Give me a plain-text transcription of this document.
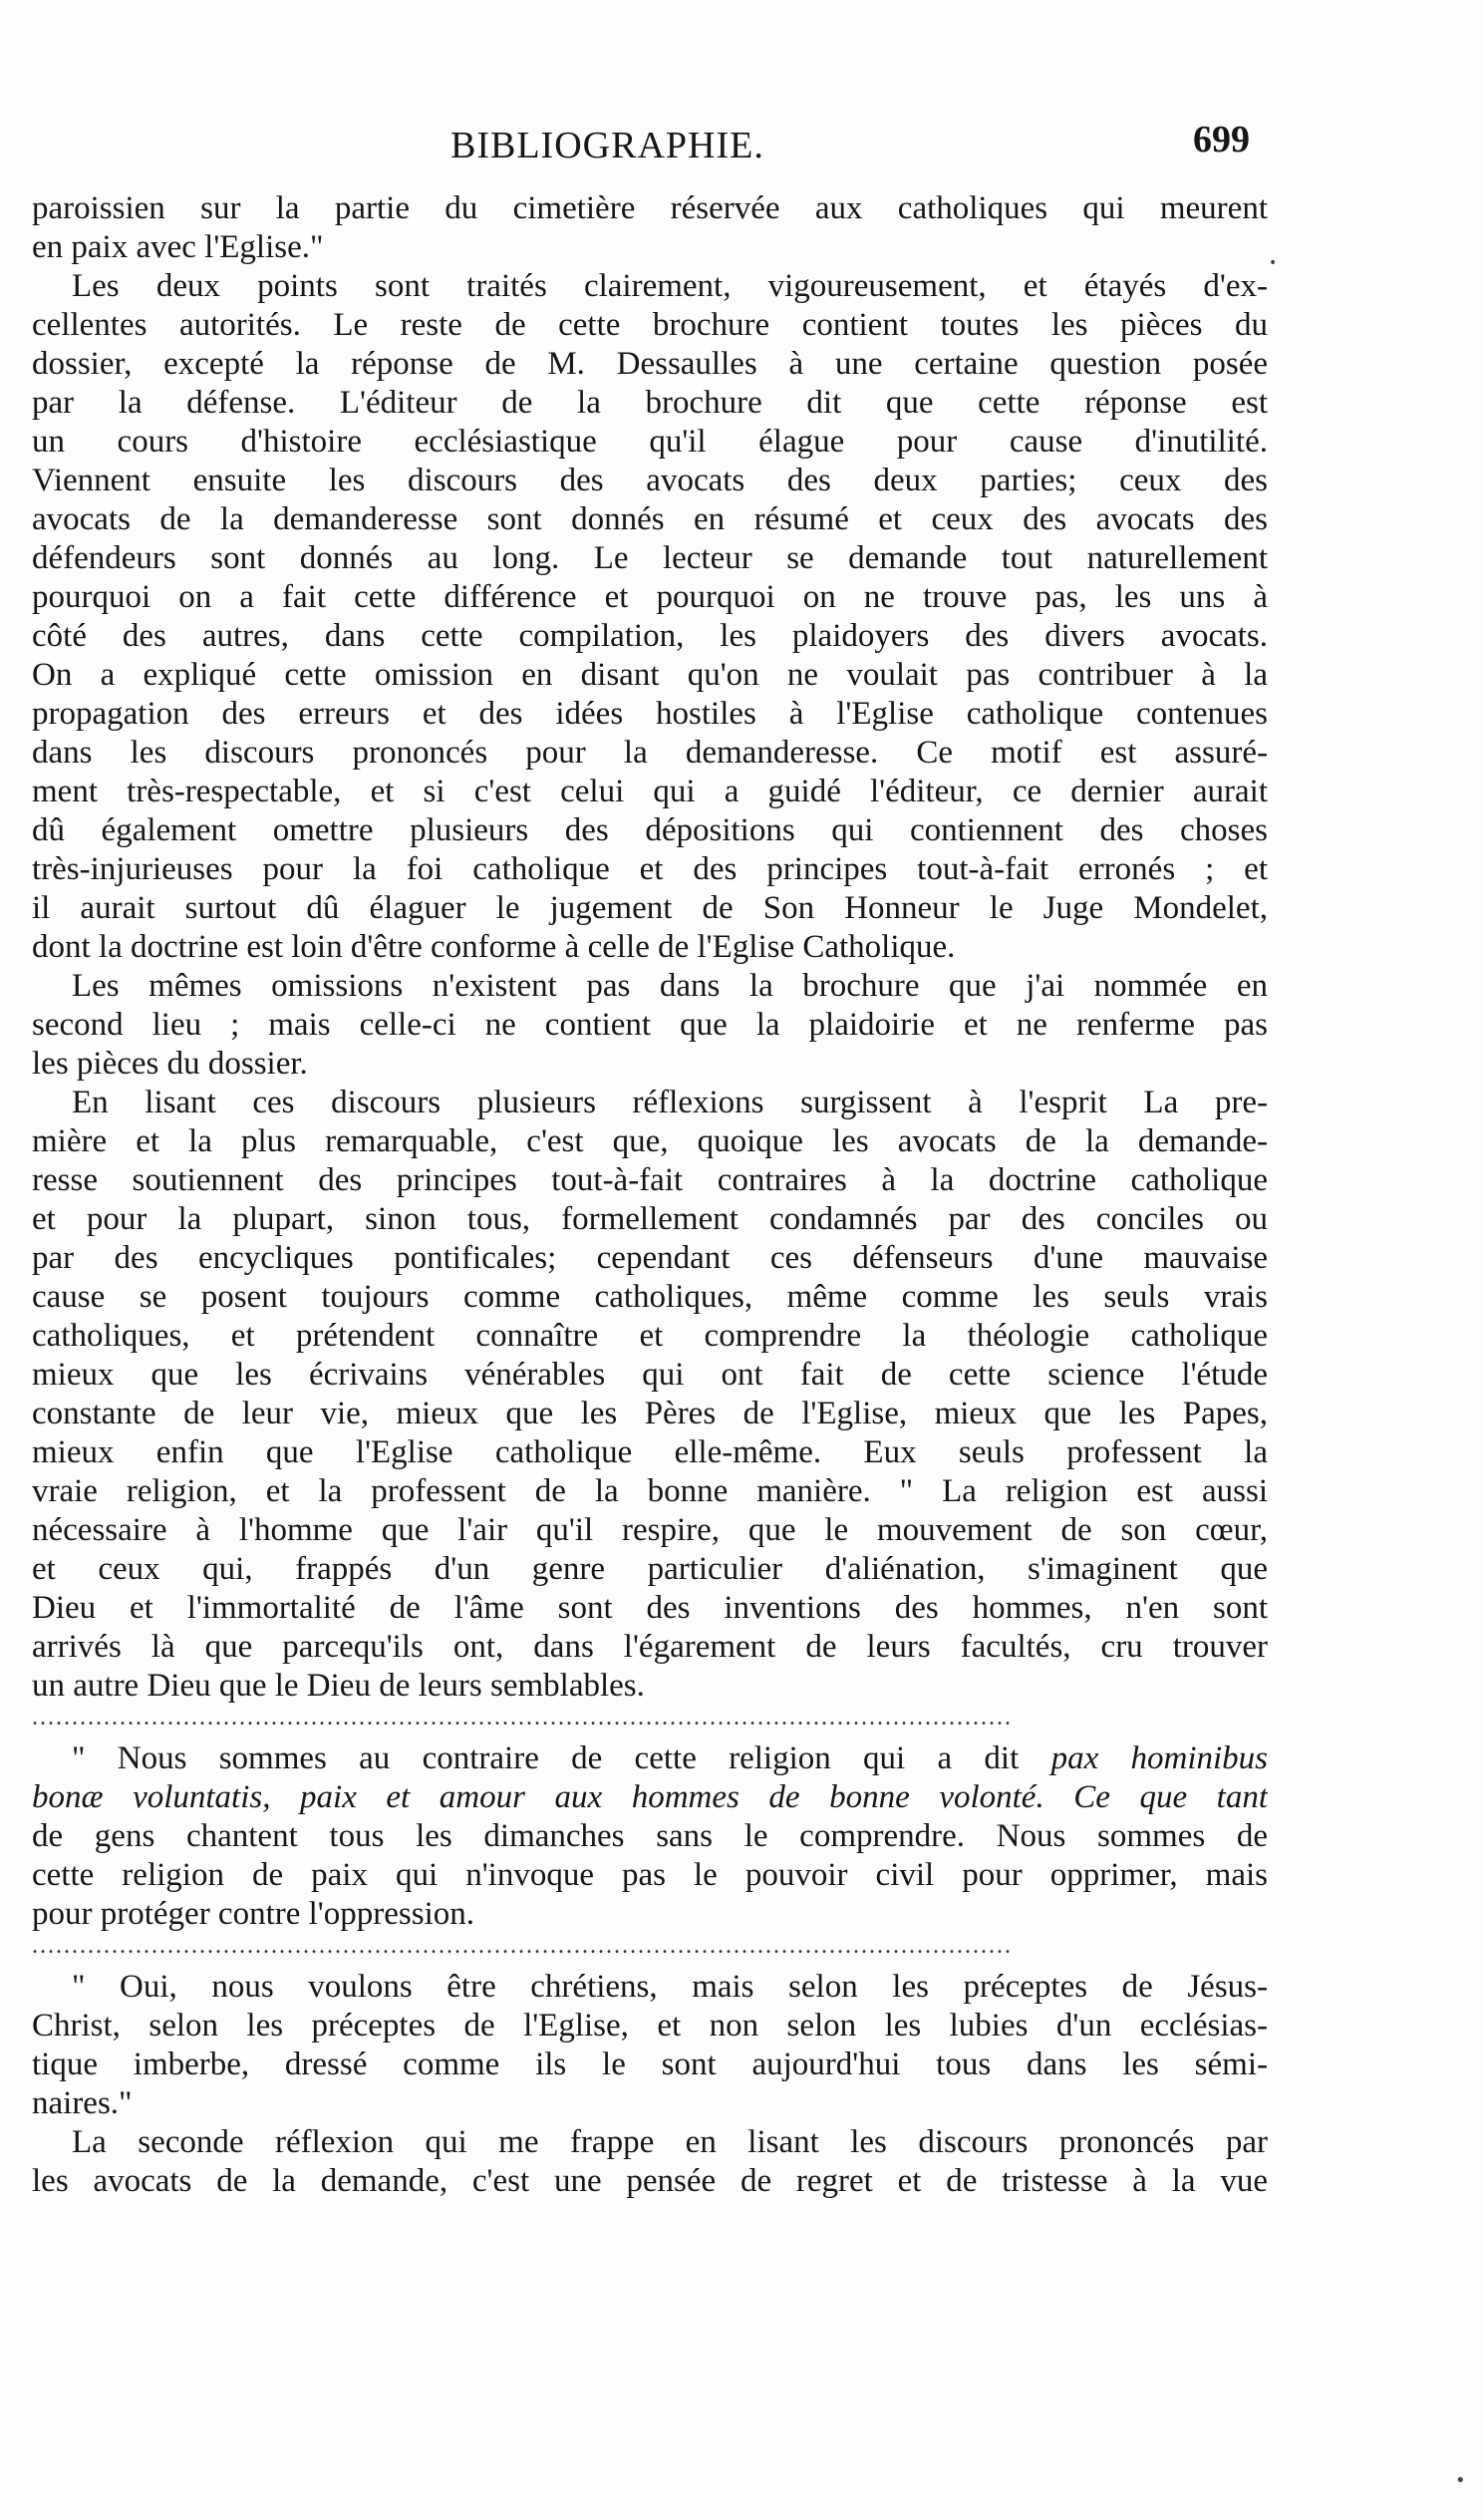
BIBLIOGRAPHIE.	699
paroissien sur la partie du cimetière réservée aux catholiques qui meurent
en paix avec l'Eglise."
Les deux points sont traités clairement, vigoureusement, et étayés d'ex-
cellentes autorités. Le reste de cette brochure contient toutes les pièces du
dossier, excepté la réponse de M. Dessaulles à une certaine question posée
par la défense. L'éditeur de la brochure dit que cette réponse est
un cours d'histoire ecclésiastique qu'il élague pour cause d'inutilité.
Viennent ensuite les discours des avocats des deux parties; ceux des
avocats de la demanderesse sont donnés en résumé et ceux des avocats des
défendeurs sont donnés au long. Le lecteur se demande tout naturellement
pourquoi on a fait cette différence et pourquoi on ne trouve pas, les uns à
côté des autres, dans cette compilation, les plaidoyers des divers avocats.
On a expliqué cette omission en disant qu'on ne voulait pas contribuer à la
propagation des erreurs et des idées hostiles à l'Eglise catholique contenues
dans les discours prononcés pour la demanderesse. Ce motif est assuré-
ment très-respectable, et si c'est celui qui a guidé l'éditeur, ce dernier aurait
dû également omettre plusieurs des dépositions qui contiennent des choses
très-injurieuses pour la foi catholique et des principes tout-à-fait erronés ; et
il aurait surtout dû élaguer le jugement de Son Honneur le Juge Mondelet,
dont la doctrine est loin d'être conforme à celle de l'Eglise Catholique.
Les mêmes omissions n'existent pas dans la brochure que j'ai nommée en
second lieu ; mais celle-ci ne contient que la plaidoirie et ne renferme pas
les pièces du dossier.
En lisant ces discours plusieurs réflexions surgissent à l'esprit La pre-
mière et la plus remarquable, c'est que, quoique les avocats de la demande-
resse soutiennent des principes tout-à-fait contraires à la doctrine catholique
et pour la plupart, sinon tous, formellement condamnés par des conciles ou
par des encycliques pontificales; cependant ces défenseurs d'une mauvaise
cause se posent toujours comme catholiques, même comme les seuls vrais
catholiques, et prétendent connaître et comprendre la théologie catholique
mieux que les écrivains vénérables qui ont fait de cette science l'étude
constante de leur vie, mieux que les Pères de l'Eglise, mieux que les Papes,
mieux enfin que l'Eglise catholique elle-même. Eux seuls professent la
vraie religion, et la professent de la bonne manière. " La religion est aussi
nécessaire à l'homme que l'air qu'il respire, que le mouvement de son cœur,
et ceux qui, frappés d'un genre particulier d'aliénation, s'imaginent que
Dieu et l'immortalité de l'âme sont des inventions des hommes, n'en sont
arrivés là que parcequ'ils ont, dans l'égarement de leurs facultés, cru trouver
un autre Dieu que le Dieu de leurs semblables.
...........................................................................................................................
" Nous sommes au contraire de cette religion qui a dit pax hominibus
bonæ voluntatis, paix et amour aux hommes de bonne volonté. Ce que tant
de gens chantent tous les dimanches sans le comprendre. Nous sommes de
cette religion de paix qui n'invoque pas le pouvoir civil pour opprimer, mais
pour protéger contre l'oppression.
...........................................................................................................................
" Oui, nous voulons être chrétiens, mais selon les préceptes de Jésus-
Christ, selon les préceptes de l'Eglise, et non selon les lubies d'un ecclésias-
tique imberbe, dressé comme ils le sont aujourd'hui tous dans les sémi-
naires."
La seconde réflexion qui me frappe en lisant les discours prononcés par
les avocats de la demande, c'est une pensée de regret et de tristesse à la vue
•
•
